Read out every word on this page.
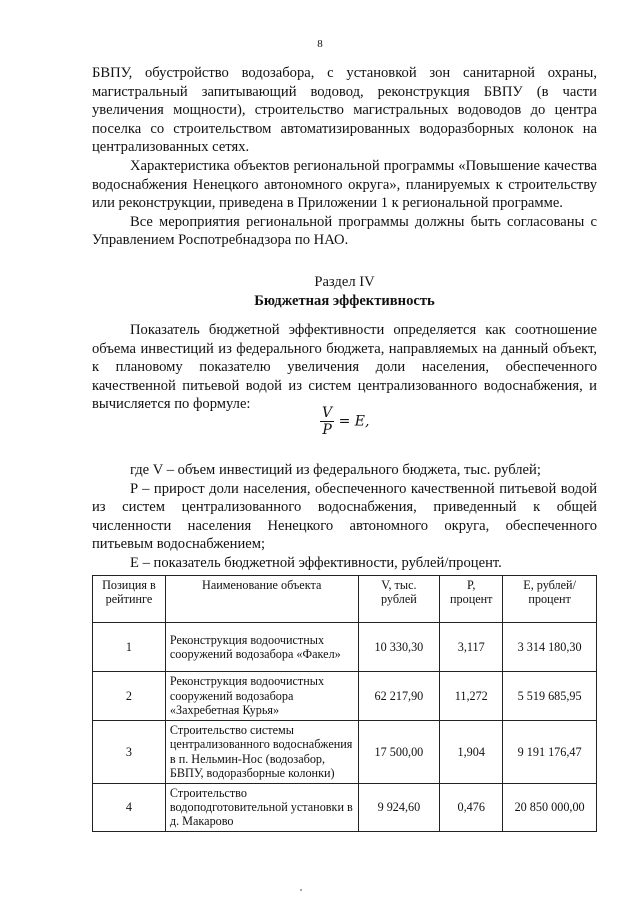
8

БВПУ, обустройство водозабора, с установкой зон санитарной охраны, магистральный запитывающий водовод, реконструкция БВПУ (в части увеличения мощности), строительство магистральных водоводов до центра поселка со строительством автоматизированных водоразборных колонок на централизованных сетях.

Характеристика объектов региональной программы «Повышение качества водоснабжения Ненецкого автономного округа», планируемых к строительству или реконструкции, приведена в Приложении 1 к региональной программе.

Все мероприятия региональной программы должны быть согласованы с Управлением Роспотребнадзора по НАО.

Раздел IV

Бюджетная эффективность

Показатель бюджетной эффективности определяется как соотношение объема инвестиций из федерального бюджета, направляемых на данный объект, к плановому показателю увеличения доли населения, обеспеченного качественной питьевой водой из систем централизованного водоснабжения, и вычисляется по формуле:

$\frac{V}{P} = E$,

где V – объем инвестиций из федерального бюджета, тыс. рублей;

P – прирост доли населения, обеспеченного качественной питьевой водой из систем централизованного водоснабжения, приведенный к общей численности населения Ненецкого автономного округа, обеспеченного питьевым водоснабжением;

E – показатель бюджетной эффективности, рублей/процент.

Позиция в рейтинге	Наименование объекта	V, тыс. рублей	P, процент	E, рублей/ процент
1	Реконструкция водоочистных сооружений водозабора «Факел»	10 330,30	3,117	3 314 180,30
2	Реконструкция водоочистных сооружений водозабора «Захребетная Курья»	62 217,90	11,272	5 519 685,95
3	Строительство системы централизованного водоснабжения в п. Нельмин-Нос (водозабор, БВПУ, водоразборные колонки)	17 500,00	1,904	9 191 176,47
4	Строительство водоподготовительной установки в д. Макарово	9 924,60	0,476	20 850 000,00
